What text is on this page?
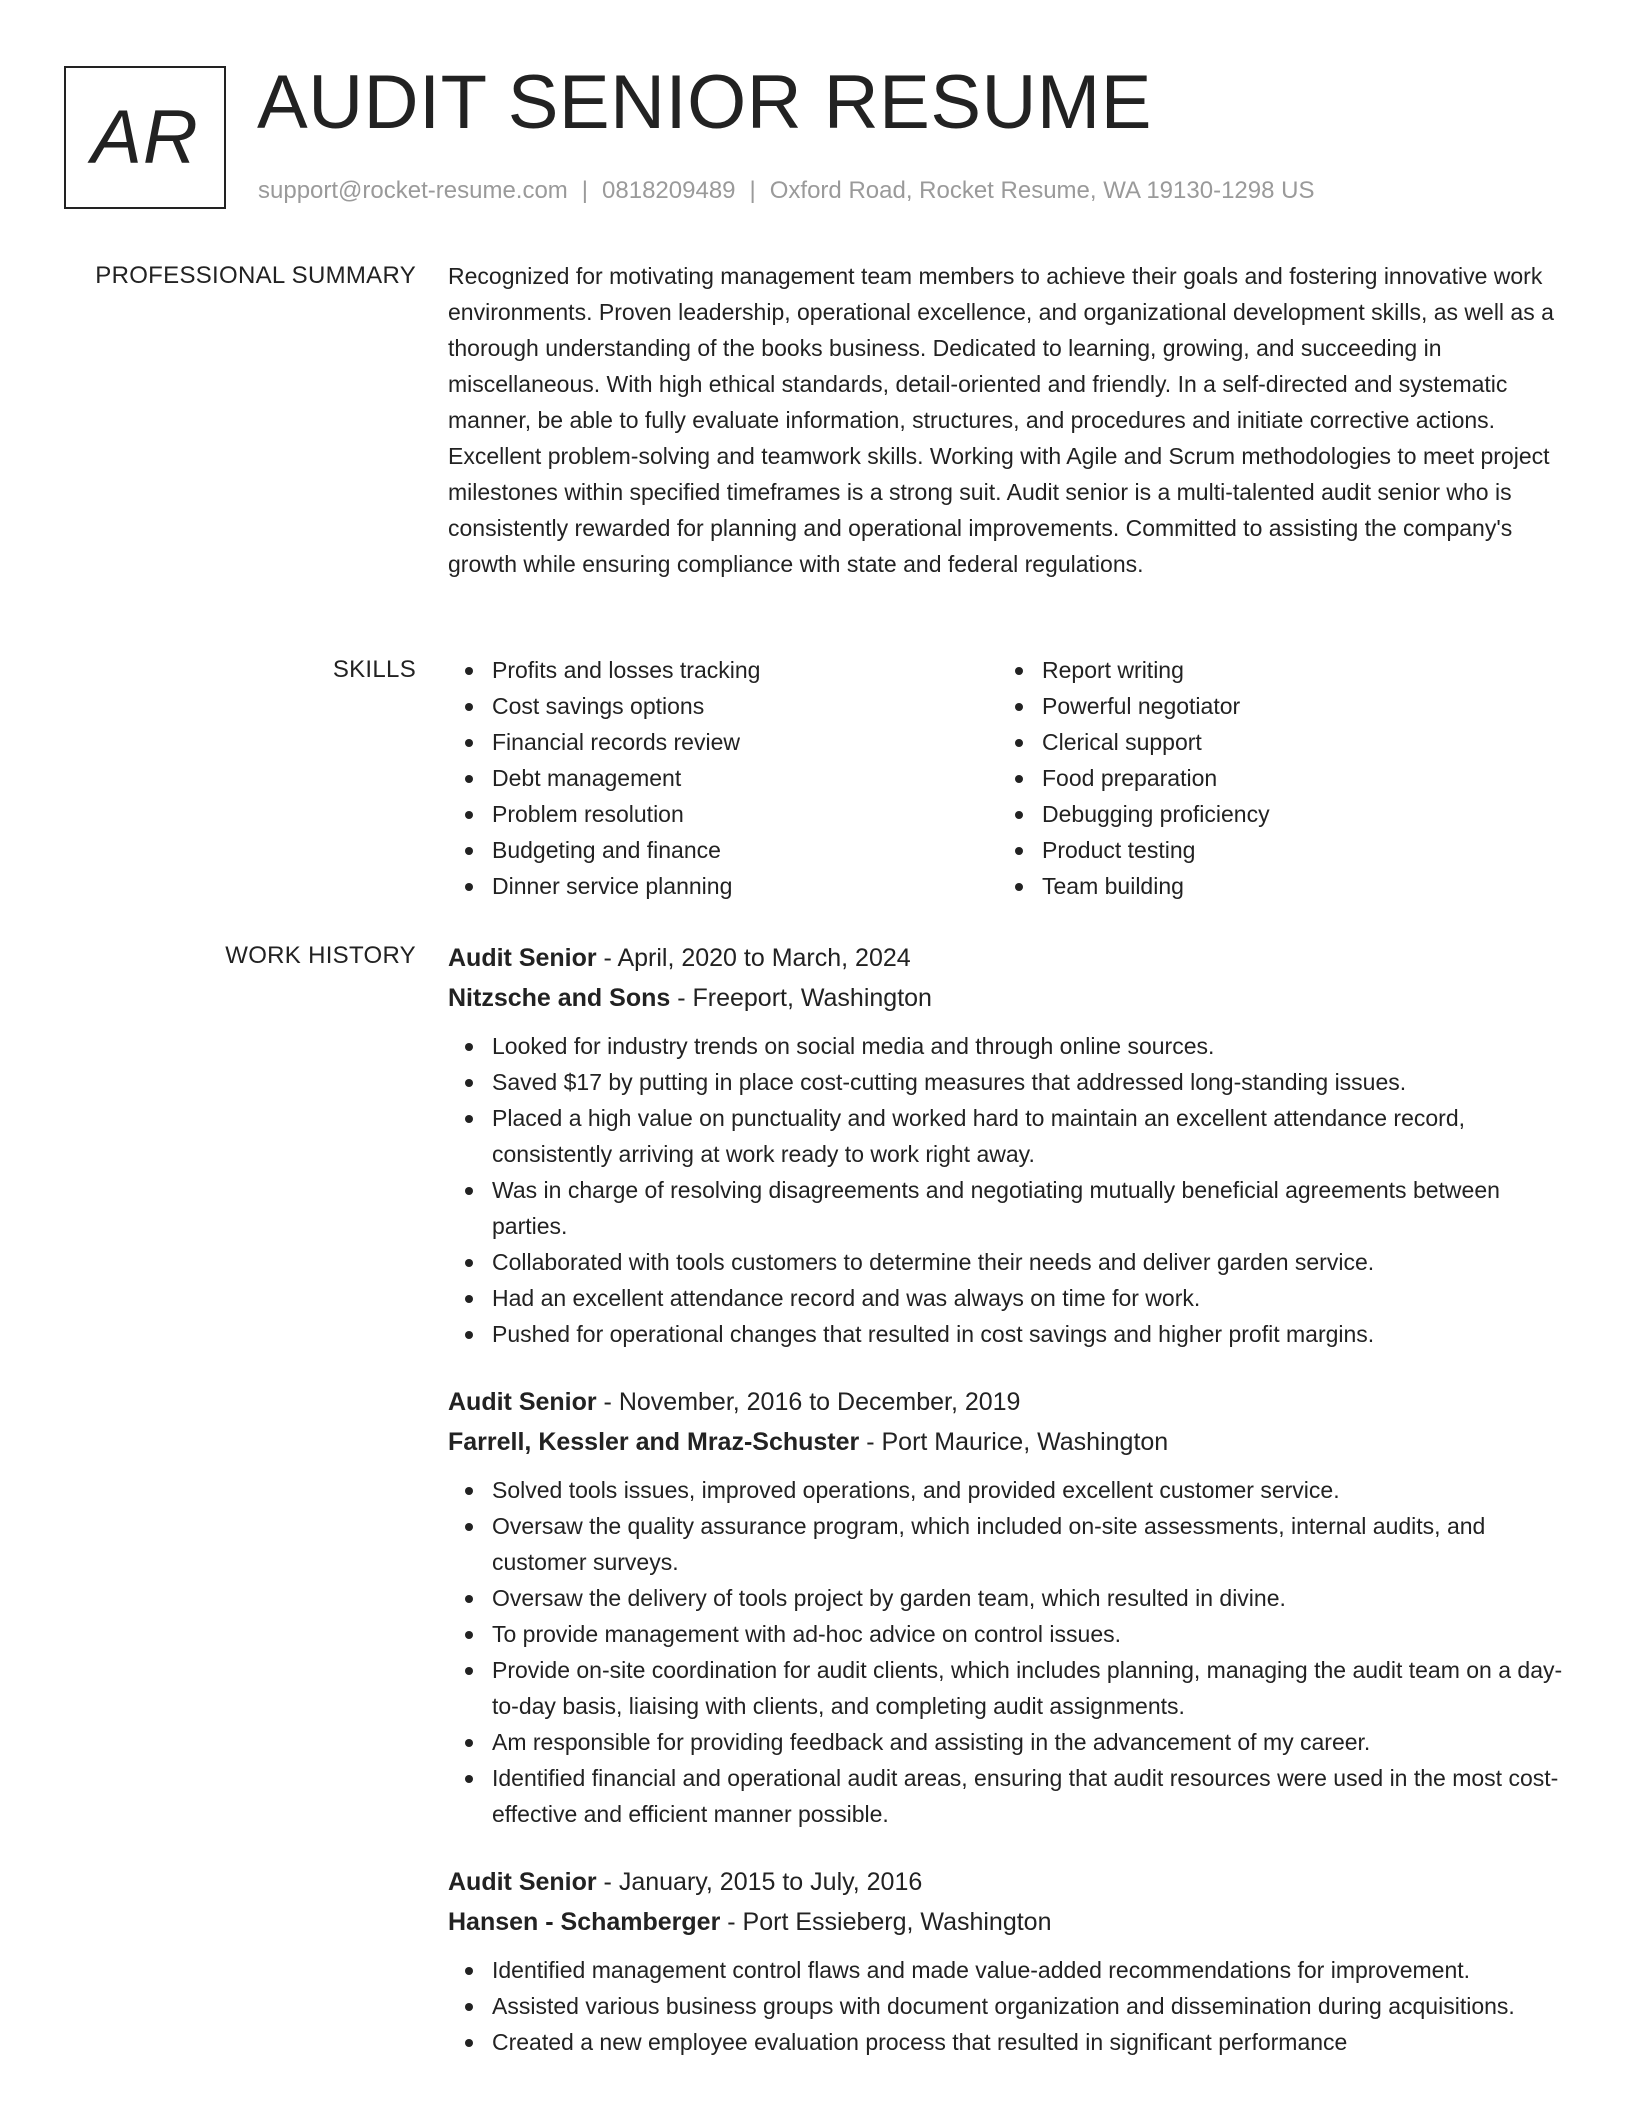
AR AUDIT SENIOR RESUME
support@rocket-resume.com | 0818209489 | Oxford Road, Rocket Resume, WA 19130-1298 US
PROFESSIONAL SUMMARY Recognized for motivating management team members to achieve their goals and fostering innovative work environments. Proven leadership, operational excellence, and organizational development skills, as well as a thorough understanding of the books business. Dedicated to learning, growing, and succeeding in miscellaneous. With high ethical standards, detail-oriented and friendly. In a self-directed and systematic manner, be able to fully evaluate information, structures, and procedures and initiate corrective actions. Excellent problem-solving and teamwork skills. Working with Agile and Scrum methodologies to meet project milestones within specified timeframes is a strong suit. Audit senior is a multi-talented audit senior who is consistently rewarded for planning and operational improvements. Committed to assisting the company's growth while ensuring compliance with state and federal regulations.

SKILLS	Profits and losses tracking
Cost savings options
Financial records review
Debt management
Problem resolution
Budgeting and finance
Dinner service planning
Report writing
Powerful negotiator
Clerical support
Food preparation
Debugging proficiency
Product testing
Team building
WORK HISTORY Audit Senior - April, 2020 to March, 2024
Nitzsche and Sons - Freeport, Washington
Looked for industry trends on social media and through online sources.
Saved $17 by putting in place cost-cutting measures that addressed long-standing issues.
Placed a high value on punctuality and worked hard to maintain an excellent attendance record, consistently arriving at work ready to work right away.
Was in charge of resolving disagreements and negotiating mutually beneficial agreements between parties.
Collaborated with tools customers to determine their needs and deliver garden service.
Had an excellent attendance record and was always on time for work.
Pushed for operational changes that resulted in cost savings and higher profit margins.
Audit Senior - November, 2016 to December, 2019
Farrell, Kessler and Mraz-Schuster - Port Maurice, Washington
Solved tools issues, improved operations, and provided excellent customer service.
Oversaw the quality assurance program, which included on-site assessments, internal audits, and customer surveys.
Oversaw the delivery of tools project by garden team, which resulted in divine.
To provide management with ad-hoc advice on control issues.
Provide on-site coordination for audit clients, which includes planning, managing the audit team on a day-to-day basis, liaising with clients, and completing audit assignments.
Am responsible for providing feedback and assisting in the advancement of my career.
Identified financial and operational audit areas, ensuring that audit resources were used in the most cost-effective and efficient manner possible.
Audit Senior - January, 2015 to July, 2016
Hansen - Schamberger - Port Essieberg, Washington
Identified management control flaws and made value-added recommendations for improvement.
Assisted various business groups with document organization and dissemination during acquisitions.
Created a new employee evaluation process that resulted in significant performance
